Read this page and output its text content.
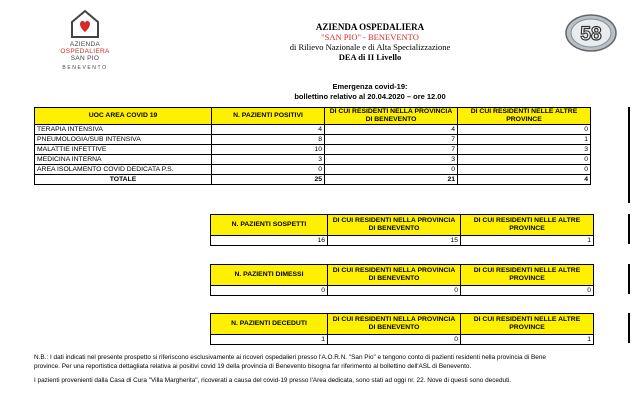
AZIENDA
OSPEDALIERA
SAN PIO
BENEVENTO
AZIENDA OSPEDALIERA
"SAN PIO" - BENEVENTO
di Rilievo Nazionale e di Alta Specializzazione
DEA di II Livello
58
Emergenza covid-19:
bollettino relativo al 20.04.2020 – ore 12.00
UOC AREA COVID 19	N. PAZIENTI POSITIVI	DI CUI RESIDENTI NELLA PROVINCIA DI BENEVENTO	DI CUI RESIDENTI NELLE ALTRE PROVINCE
TERAPIA INTENSIVA	4	4	0
PNEUMOLOGIA/SUB INTENSIVA	8	7	1
MALATTIE INFETTIVE	10	7	3
MEDICINA INTERNA	3	3	0
AREA ISOLAMENTO COVID DEDICATA P.S.	0	0	0
TOTALE	25	21	4
N. PAZIENTI SOSPETTI	DI CUI RESIDENTI NELLA PROVINCIA DI BENEVENTO	DI CUI RESIDENTI NELLE ALTRE PROVINCE
16	15	1
N. PAZIENTI DIMESSI	DI CUI RESIDENTI NELLA PROVINCIA DI BENEVENTO	DI CUI RESIDENTI NELLE ALTRE PROVINCE
0	0	0
N. PAZIENTI DECEDUTI	DI CUI RESIDENTI NELLA PROVINCIA DI BENEVENTO	DI CUI RESIDENTI NELLE ALTRE PROVINCE
1	0	1

N.B.: I dati indicati nel presente prospetto si riferiscono esclusivamente ai ricoveri ospedalieri presso l'A.O.R.N. "San Pio" e tengono conto di pazienti residenti nella provincia di Bene

province. Per una reportistica dettagliata relativa ai positivi covid 19 della provincia di Benevento bisogna far riferimento al bollettino dell'ASL di Benevento.

I pazienti provenienti dalla Casa di Cura "Villa Margherita", ricoverati a causa del covid-19 presso l'Area dedicata, sono stati ad oggi nr. 22. Nove di questi sono deceduti.
